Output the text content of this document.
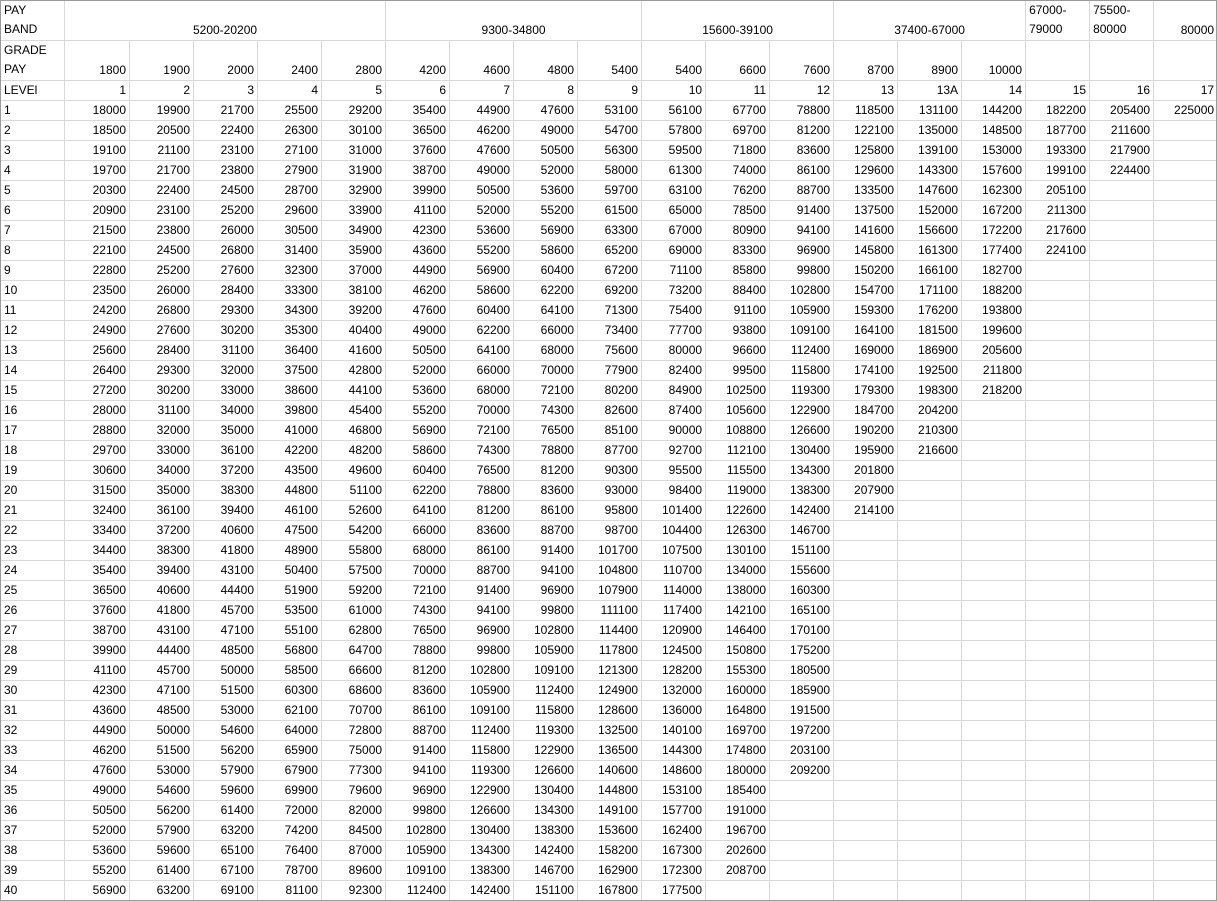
PAY BAND	5200-20200					9300-34800				15600-39100			37400-67000			67000-79000	75500-80000	80000
GRADE PAY	1800	1900	2000	2400	2800	4200	4600	4800	5400	5400	6600	7600	8700	8900	10000			
LEVEl	1	2	3	4	5	6	7	8	9	10	11	12	13	13A	14	15	16	17
1	18000	19900	21700	25500	29200	35400	44900	47600	53100	56100	67700	78800	118500	131100	144200	182200	205400	225000
2	18500	20500	22400	26300	30100	36500	46200	49000	54700	57800	69700	81200	122100	135000	148500	187700	211600	
3	19100	21100	23100	27100	31000	37600	47600	50500	56300	59500	71800	83600	125800	139100	153000	193300	217900	
4	19700	21700	23800	27900	31900	38700	49000	52000	58000	61300	74000	86100	129600	143300	157600	199100	224400	
5	20300	22400	24500	28700	32900	39900	50500	53600	59700	63100	76200	88700	133500	147600	162300	205100		
6	20900	23100	25200	29600	33900	41100	52000	55200	61500	65000	78500	91400	137500	152000	167200	211300		
7	21500	23800	26000	30500	34900	42300	53600	56900	63300	67000	80900	94100	141600	156600	172200	217600		
8	22100	24500	26800	31400	35900	43600	55200	58600	65200	69000	83300	96900	145800	161300	177400	224100		
9	22800	25200	27600	32300	37000	44900	56900	60400	67200	71100	85800	99800	150200	166100	182700			
10	23500	26000	28400	33300	38100	46200	58600	62200	69200	73200	88400	102800	154700	171100	188200			
11	24200	26800	29300	34300	39200	47600	60400	64100	71300	75400	91100	105900	159300	176200	193800			
12	24900	27600	30200	35300	40400	49000	62200	66000	73400	77700	93800	109100	164100	181500	199600			
13	25600	28400	31100	36400	41600	50500	64100	68000	75600	80000	96600	112400	169000	186900	205600			
14	26400	29300	32000	37500	42800	52000	66000	70000	77900	82400	99500	115800	174100	192500	211800			
15	27200	30200	33000	38600	44100	53600	68000	72100	80200	84900	102500	119300	179300	198300	218200			
16	28000	31100	34000	39800	45400	55200	70000	74300	82600	87400	105600	122900	184700	204200				
17	28800	32000	35000	41000	46800	56900	72100	76500	85100	90000	108800	126600	190200	210300				
18	29700	33000	36100	42200	48200	58600	74300	78800	87700	92700	112100	130400	195900	216600				
19	30600	34000	37200	43500	49600	60400	76500	81200	90300	95500	115500	134300	201800					
20	31500	35000	38300	44800	51100	62200	78800	83600	93000	98400	119000	138300	207900					
21	32400	36100	39400	46100	52600	64100	81200	86100	95800	101400	122600	142400	214100					
22	33400	37200	40600	47500	54200	66000	83600	88700	98700	104400	126300	146700						
23	34400	38300	41800	48900	55800	68000	86100	91400	101700	107500	130100	151100						
24	35400	39400	43100	50400	57500	70000	88700	94100	104800	110700	134000	155600						
25	36500	40600	44400	51900	59200	72100	91400	96900	107900	114000	138000	160300						
26	37600	41800	45700	53500	61000	74300	94100	99800	111100	117400	142100	165100						
27	38700	43100	47100	55100	62800	76500	96900	102800	114400	120900	146400	170100						
28	39900	44400	48500	56800	64700	78800	99800	105900	117800	124500	150800	175200						
29	41100	45700	50000	58500	66600	81200	102800	109100	121300	128200	155300	180500						
30	42300	47100	51500	60300	68600	83600	105900	112400	124900	132000	160000	185900						
31	43600	48500	53000	62100	70700	86100	109100	115800	128600	136000	164800	191500						
32	44900	50000	54600	64000	72800	88700	112400	119300	132500	140100	169700	197200						
33	46200	51500	56200	65900	75000	91400	115800	122900	136500	144300	174800	203100						
34	47600	53000	57900	67900	77300	94100	119300	126600	140600	148600	180000	209200						
35	49000	54600	59600	69900	79600	96900	122900	130400	144800	153100	185400							
36	50500	56200	61400	72000	82000	99800	126600	134300	149100	157700	191000							
37	52000	57900	63200	74200	84500	102800	130400	138300	153600	162400	196700							
38	53600	59600	65100	76400	87000	105900	134300	142400	158200	167300	202600							
39	55200	61400	67100	78700	89600	109100	138300	146700	162900	172300	208700							
40	56900	63200	69100	81100	92300	112400	142400	151100	167800	177500								
